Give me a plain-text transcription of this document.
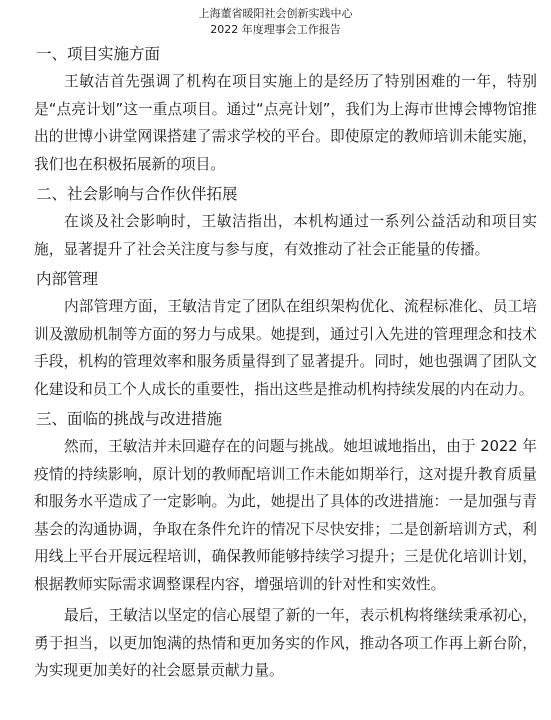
上海董省暖阳社会创新实践中心
2022 年度理事会工作报告
一、项目实施方面

王敏洁首先强调了机构在项目实施上的是经历了特别困难的一年，特别是“点亮计划”这一重点项目。通过“点亮计划”，我们为上海市世博会博物馆推出的世博小讲堂网课搭建了需求学校的平台。即使原定的教师培训未能实施，我们也在积极拓展新的项目。

二、社会影响与合作伙伴拓展

在谈及社会影响时，王敏洁指出，本机构通过一系列公益活动和项目实施，显著提升了社会关注度与参与度，有效推动了社会正能量的传播。

内部管理

内部管理方面，王敏洁肯定了团队在组织架构优化、流程标准化、员工培训及激励机制等方面的努力与成果。她提到，通过引入先进的管理理念和技术手段，机构的管理效率和服务质量得到了显著提升。同时，她也强调了团队文化建设和员工个人成长的重要性，指出这些是推动机构持续发展的内在动力。

三、面临的挑战与改进措施

然而，王敏洁并未回避存在的问题与挑战。她坦诚地指出，由于 2022 年疫情的持续影响，原计划的教师配培训工作未能如期举行，这对提升教育质量和服务水平造成了一定影响。为此，她提出了具体的改进措施：一是加强与青基会的沟通协调，争取在条件允许的情况下尽快安排；二是创新培训方式，利用线上平台开展远程培训，确保教师能够持续学习提升；三是优化培训计划，根据教师实际需求调整课程内容，增强培训的针对性和实效性。

最后，王敏洁以坚定的信心展望了新的一年，表示机构将继续秉承初心，勇于担当，以更加饱满的热情和更加务实的作风，推动各项工作再上新台阶，为实现更加美好的社会愿景贡献力量。
